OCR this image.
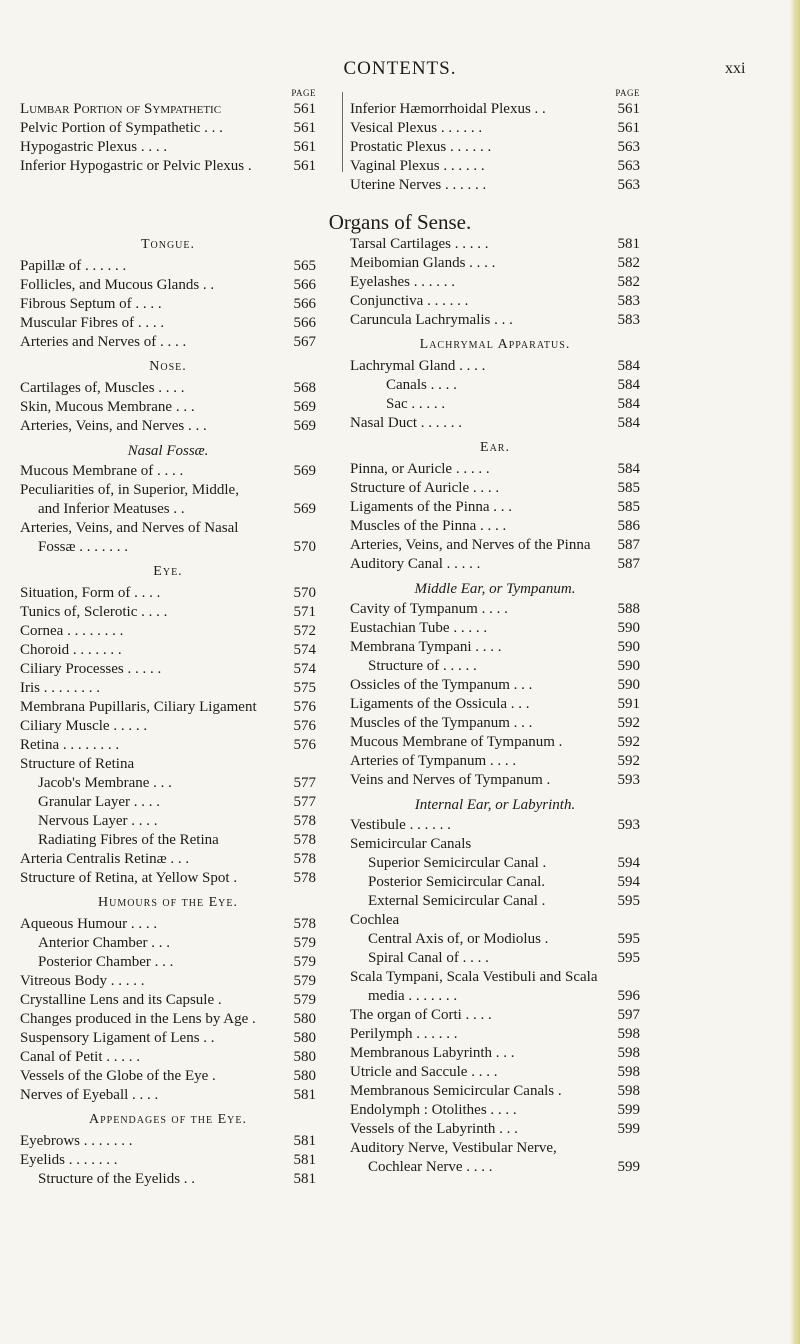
CONTENTS.	xxi
PAGE
Lumbar Portion of Sympathetic	561
Pelvic Portion of Sympathetic . . .	561
Hypogastric Plexus . . . .	561
Inferior Hypogastric or Pelvic Plexus .	561
PAGE
Inferior Hæmorrhoidal Plexus . .	561
Vesical Plexus . . . . . .	561
Prostatic Plexus . . . . . .	563
Vaginal Plexus . . . . . .	563
Uterine Nerves . . . . . .	563
Organs of Sense.
Tongue.
Papillæ of . . . . . .	565
Follicles, and Mucous Glands . .	566
Fibrous Septum of . . . .	566
Muscular Fibres of . . . .	566
Arteries and Nerves of . . . .	567
Nose.
Cartilages of, Muscles . . . .	568
Skin, Mucous Membrane . . .	569
Arteries, Veins, and Nerves . . .	569
Nasal Fossæ.
Mucous Membrane of . . . .	569
Peculiarities of, in Superior, Middle,
and Inferior Meatuses . .	569
Arteries, Veins, and Nerves of Nasal
Fossæ . . . . . . .	570
Eye.
Situation, Form of . . . .	570
Tunics of, Sclerotic . . . .	571
Cornea . . . . . . . .	572
Choroid . . . . . . .	574
Ciliary Processes . . . . .	574
Iris . . . . . . . .	575
Membrana Pupillaris, Ciliary Ligament 576
Ciliary Muscle . . . . .	576
Retina . . . . . . . .	576
Structure of Retina
Jacob's Membrane . . .	577
Granular Layer . . . .	577
Nervous Layer . . . .	578
Radiating Fibres of the Retina	578
Arteria Centralis Retinæ . . .	578
Structure of Retina, at Yellow Spot .	578
Humours of the Eye.
Aqueous Humour . . . .	578
Anterior Chamber . . .	579
Posterior Chamber . . .	579
Vitreous Body . . . . .	579
Crystalline Lens and its Capsule .	579
Changes produced in the Lens by Age .	580
Suspensory Ligament of Lens . .	580
Canal of Petit . . . . .	580
Vessels of the Globe of the Eye .	580
Nerves of Eyeball . . . .	581
Appendages of the Eye.
Eyebrows . . . . . . .	581
Eyelids . . . . . . .	581
Structure of the Eyelids . .	581
Tarsal Cartilages . . . . .	581
Meibomian Glands . . . .	582
Eyelashes . . . . . .	582
Conjunctiva . . . . . .	583
Caruncula Lachrymalis . . .	583
Lachrymal Apparatus.
Lachrymal Gland . . . .	584
Canals . . . .	584
Sac . . . . .	584
Nasal Duct . . . . . .	584
Ear.
Pinna, or Auricle . . . . .	584
Structure of Auricle . . . .	585
Ligaments of the Pinna . . .	585
Muscles of the Pinna . . . .	586
Arteries, Veins, and Nerves of the Pinna 587
Auditory Canal . . . . .	587
Middle Ear, or Tympanum.
Cavity of Tympanum . . . .	588
Eustachian Tube . . . . .	590
Membrana Tympani . . . .	590
Structure of . . . . .	590
Ossicles of the Tympanum . . .	590
Ligaments of the Ossicula . . .	591
Muscles of the Tympanum . . .	592
Mucous Membrane of Tympanum .	592
Arteries of Tympanum . . . .	592
Veins and Nerves of Tympanum .	593
Internal Ear, or Labyrinth.
Vestibule . . . . . .	593
Semicircular Canals
Superior Semicircular Canal .	594
Posterior Semicircular Canal.	594
External Semicircular Canal .	595
Cochlea
Central Axis of, or Modiolus .	595
Spiral Canal of . . . .	595
Scala Tympani, Scala Vestibuli and Scala
media . . . . . . .	596
The organ of Corti . . . .	597
Perilymph . . . . . .	598
Membranous Labyrinth . . .	598
Utricle and Saccule . . . .	598
Membranous Semicircular Canals .	598
Endolymph : Otolithes . . . .	599
Vessels of the Labyrinth . . .	599
Auditory Nerve, Vestibular Nerve,
Cochlear Nerve . . . .	599
